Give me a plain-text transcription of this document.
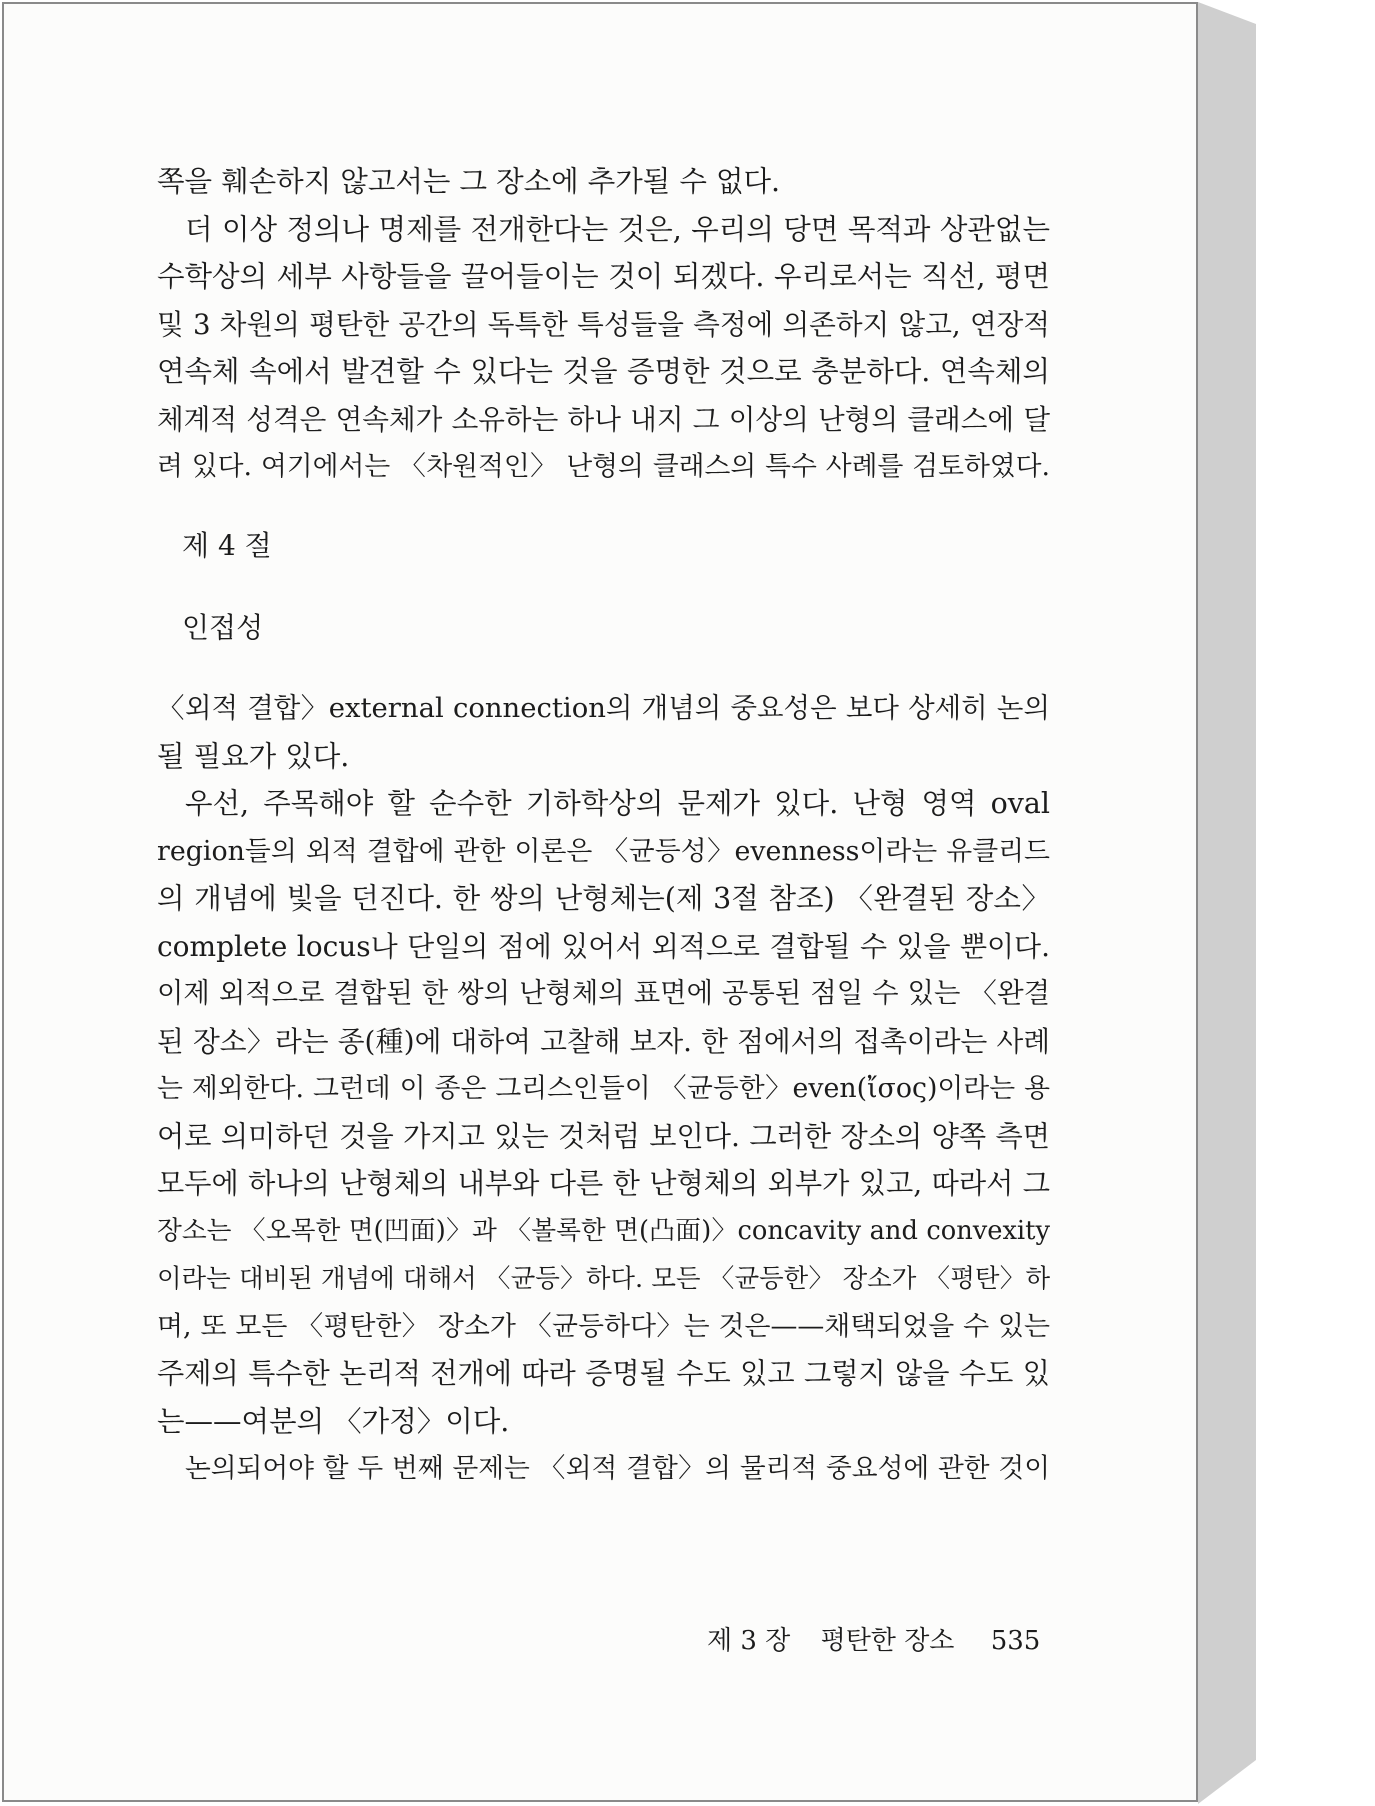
쪽을 훼손하지 않고서는 그 장소에 추가될 수 없다.
더 이상 정의나 명제를 전개한다는 것은, 우리의 당면 목적과 상관없는
수학상의 세부 사항들을 끌어들이는 것이 되겠다. 우리로서는 직선, 평면
및 3 차원의 평탄한 공간의 독특한 특성들을 측정에 의존하지 않고, 연장적
연속체 속에서 발견할 수 있다는 것을 증명한 것으로 충분하다. 연속체의
체계적 성격은 연속체가 소유하는 하나 내지 그 이상의 난형의 클래스에 달
려 있다. 여기에서는 〈차원적인〉 난형의 클래스의 특수 사례를 검토하였다.
제 4 절
인접성
〈외적 결합〉external connection의 개념의 중요성은 보다 상세히 논의
될 필요가 있다.
우선, 주목해야 할 순수한 기하학상의 문제가 있다. 난형 영역 oval
region들의 외적 결합에 관한 이론은 〈균등성〉evenness이라는 유클리드
의 개념에 빛을 던진다. 한 쌍의 난형체는(제 3절 참조) 〈완결된 장소〉
complete locus나 단일의 점에 있어서 외적으로 결합될 수 있을 뿐이다.
이제 외적으로 결합된 한 쌍의 난형체의 표면에 공통된 점일 수 있는 〈완결
된 장소〉라는 종(種)에 대하여 고찰해 보자. 한 점에서의 접촉이라는 사례
는 제외한다. 그런데 이 종은 그리스인들이 〈균등한〉even(ἴσος)이라는 용
어로 의미하던 것을 가지고 있는 것처럼 보인다. 그러한 장소의 양쪽 측면
모두에 하나의 난형체의 내부와 다른 한 난형체의 외부가 있고, 따라서 그
장소는 〈오목한 면(凹面)〉과 〈볼록한 면(凸面)〉concavity and convexity
이라는 대비된 개념에 대해서 〈균등〉하다. 모든 〈균등한〉 장소가 〈평탄〉하
며, 또 모든 〈평탄한〉 장소가 〈균등하다〉는 것은——채택되었을 수 있는
주제의 특수한 논리적 전개에 따라 증명될 수도 있고 그렇지 않을 수도 있
는——여분의 〈가정〉이다.
논의되어야 할 두 번째 문제는 〈외적 결합〉의 물리적 중요성에 관한 것이
제 3 장 평탄한 장소 535
